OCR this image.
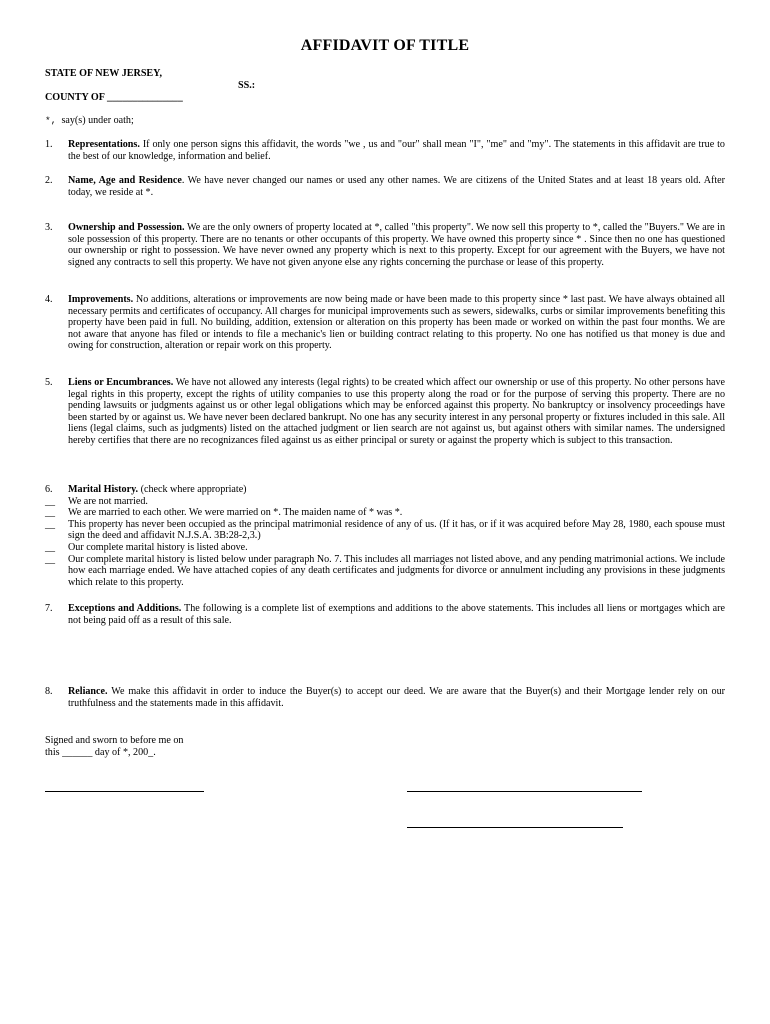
AFFIDAVIT OF TITLE
STATE OF NEW JERSEY,
SS.:
COUNTY OF _______________
*, say(s) under oath;
1. Representations. If only one person signs this affidavit, the words "we , us and "our" shall mean "I", "me" and "my". The statements in this affidavit are true to the best of our knowledge, information and belief.
2. Name, Age and Residence. We have never changed our names or used any other names. We are citizens of the United States and at least 18 years old. After today, we reside at *.
3. Ownership and Possession. We are the only owners of property located at *, called "this property". We now sell this property to *, called the "Buyers." We are in sole possession of this property. There are no tenants or other occupants of this property. We have owned this property since * . Since then no one has questioned our ownership or right to possession. We have never owned any property which is next to this property. Except for our agreement with the Buyers, we have not signed any contracts to sell this property. We have not given anyone else any rights concerning the purchase or lease of this property.
4. Improvements. No additions, alterations or improvements are now being made or have been made to this property since * last past. We have always obtained all necessary permits and certificates of occupancy. All charges for municipal improvements such as sewers, sidewalks, curbs or similar improvements benefiting this property have been paid in full. No building, addition, extension or alteration on this property has been made or worked on within the past four months. We are not aware that anyone has filed or intends to file a mechanic's lien or building contract relating to this property. No one has notified us that money is due and owing for construction, alteration or repair work on this property.
5. Liens or Encumbrances. We have not allowed any interests (legal rights) to be created which affect our ownership or use of this property. No other persons have legal rights in this property, except the rights of utility companies to use this property along the road or for the purpose of serving this property. There are no pending lawsuits or judgments against us or other legal obligations which may be enforced against this property. No bankruptcy or insolvency proceedings have been started by or against us. We have never been declared bankrupt. No one has any security interest in any personal property or fixtures included in this sale. All liens (legal claims, such as judgments) listed on the attached judgment or lien search are not against us, but against others with similar names. The undersigned hereby certifies that there are no recognizances filed against us as either principal or surety or against the property which is subject to this transaction.
6. Marital History. (check where appropriate)
__ We are not married.
__ We are married to each other. We were married on *. The maiden name of * was *.
__ This property has never been occupied as the principal matrimonial residence of any of us. (If it has, or if it was acquired before May 28, 1980, each spouse must sign the deed and affidavit N.J.S.A. 3B:28-2,3.)
__ Our complete marital history is listed above.
__ Our complete marital history is listed below under paragraph No. 7. This includes all marriages not listed above, and any pending matrimonial actions. We include how each marriage ended. We have attached copies of any death certificates and judgments for divorce or annulment including any provisions in these judgments which relate to this property.
7. Exceptions and Additions. The following is a complete list of exemptions and additions to the above statements. This includes all liens or mortgages which are not being paid off as a result of this sale.
8. Reliance. We make this affidavit in order to induce the Buyer(s) to accept our deed. We are aware that the Buyer(s) and their Mortgage lender rely on our truthfulness and the statements made in this affidavit.
Signed and sworn to before me on
this ______ day of *, 200_.
